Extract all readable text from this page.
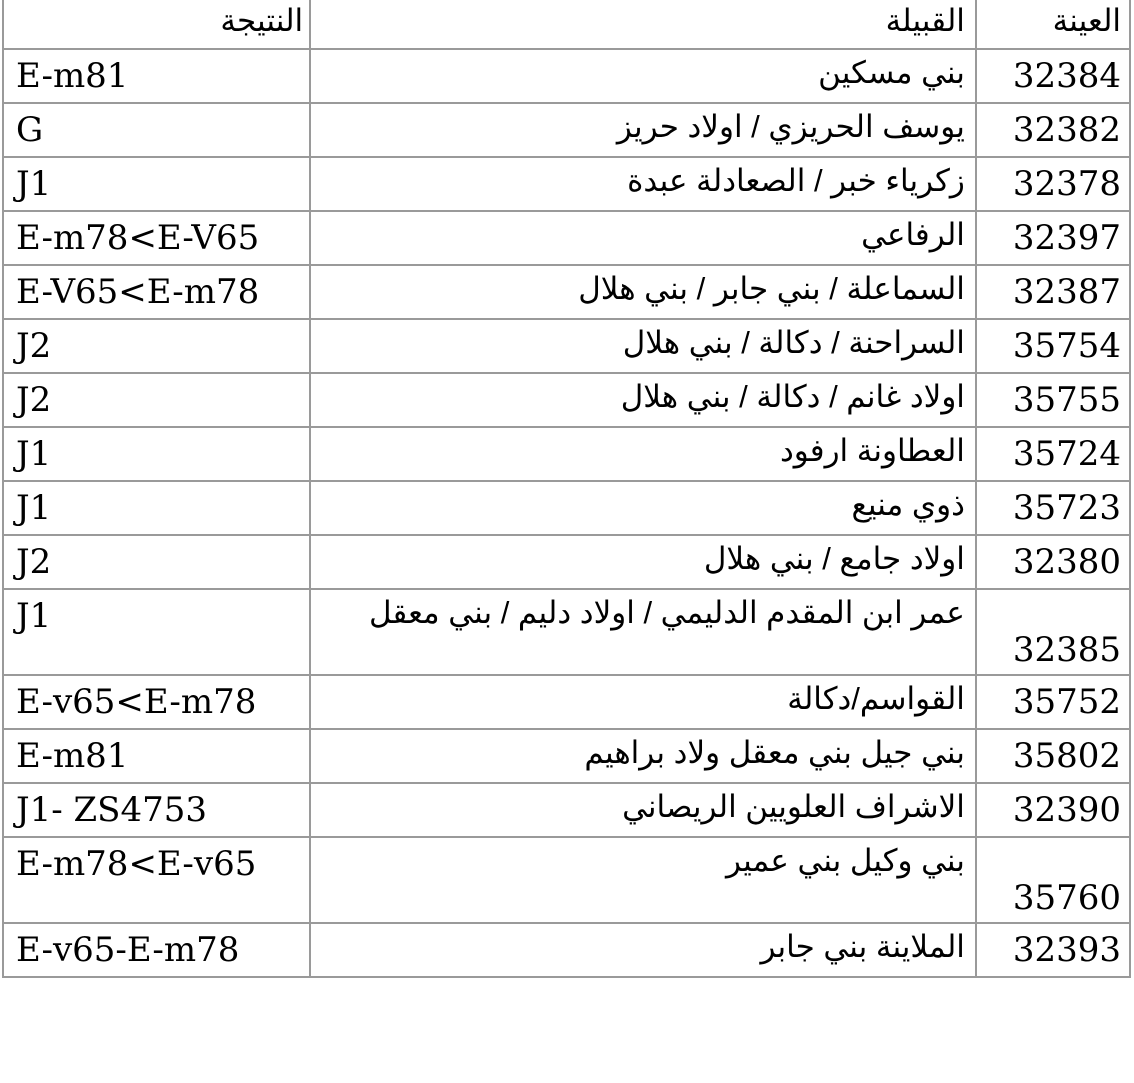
العينة	القبيلة	النتيجة
32384	بني مسكين	E-m81
32382	يوسف الحريزي / اولاد حريز	G
32378	زكرياء خبر / الصعادلة عبدة	J1
32397	الرفاعي	E-m78<E-V65
32387	السماعلة / بني جابر / بني هلال	E-V65<E-m78
35754	السراحنة / دكالة / بني هلال	J2
35755	اولاد غانم / دكالة / بني هلال	J2
35724	العطاونة ارفود	J1
35723	ذوي منيع	J1
32380	اولاد جامع / بني هلال	J2
32385	عمر ابن المقدم الدليمي / اولاد دليم / بني معقل	J1
35752	القواسم/دكالة	E-v65<E-m78
35802	بني جيل بني معقل ولاد براهيم	E-m81
32390	الاشراف العلويين الريصاني	J1- ZS4753
35760	بني وكيل بني عمير	E-m78<E-v65
32393	الملاينة بني جابر	E-v65-E-m78
